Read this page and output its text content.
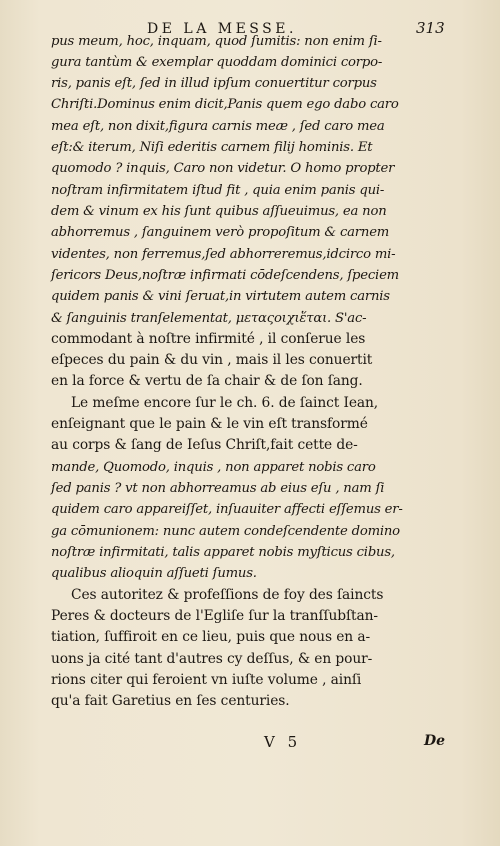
DE LA MESSE.	313
pus meum, hoc, inquam, quod ſumitis: non enim ſi-
gura tantùm & exemplar quoddam dominici corpo-
ris, panis eſt, ſed in illud ipſum conuertitur corpus
Chriſti.Dominus enim dicit,Panis quem ego dabo caro
mea eſt, non dixit,figura carnis meæ , ſed caro mea
eſt:& iterum, Niſi ederitis carnem filij hominis. Et
quomodo ? inquis, Caro non videtur. O homo propter
noſtram infirmitatem iſtud fit , quia enim panis qui-
dem & vinum ex his ſunt quibus aſſueuimus, ea non
abhorremus , ſanguinem verò propoſitum & carnem
videntes, non ferremus,ſed abhorreremus,idcirco mi-
ſericors Deus,noſtræ infirmati cōdeſcendens, ſpeciem
quidem panis & vini ſeruat,in virtutem autem carnis
& ſanguinis tranſelementat, μεταςοιχιἕται. S'ac-
commodant à noſtre infirmité , il conſerue les
eſpeces du pain & du vin , mais il les conuertit
en la force & vertu de ſa chair & de ſon ſang.
Le meſme encore ſur le ch. 6. de ſainct Iean,
enſeignant que le pain & le vin eſt transformé
au corps & ſang de Ieſus Chriſt,fait cette de-
mande, Quomodo, inquis , non apparet nobis caro
ſed panis ? vt non abhorreamus ab eius eſu , nam ſi
quidem caro appareiſſet, inſuauiter affecti eſſemus er-
ga cōmunionem: nunc autem condeſcendente domino
noſtræ infirmitati, talis apparet nobis myſticus cibus,
qualibus alioquin aſſueti ſumus.
Ces autoritez & profeſſions de foy des ſaincts
Peres & docteurs de l'Egliſe ſur la tranſſubſtan-
tiation, ſuffiroit en ce lieu, puis que nous en a-
uons ja cité tant d'autres cy deſſus, & en pour-
rions citer qui feroient vn iuſte volume , ainſi
qu'a fait Garetius en ſes centuries.
V 5	De
